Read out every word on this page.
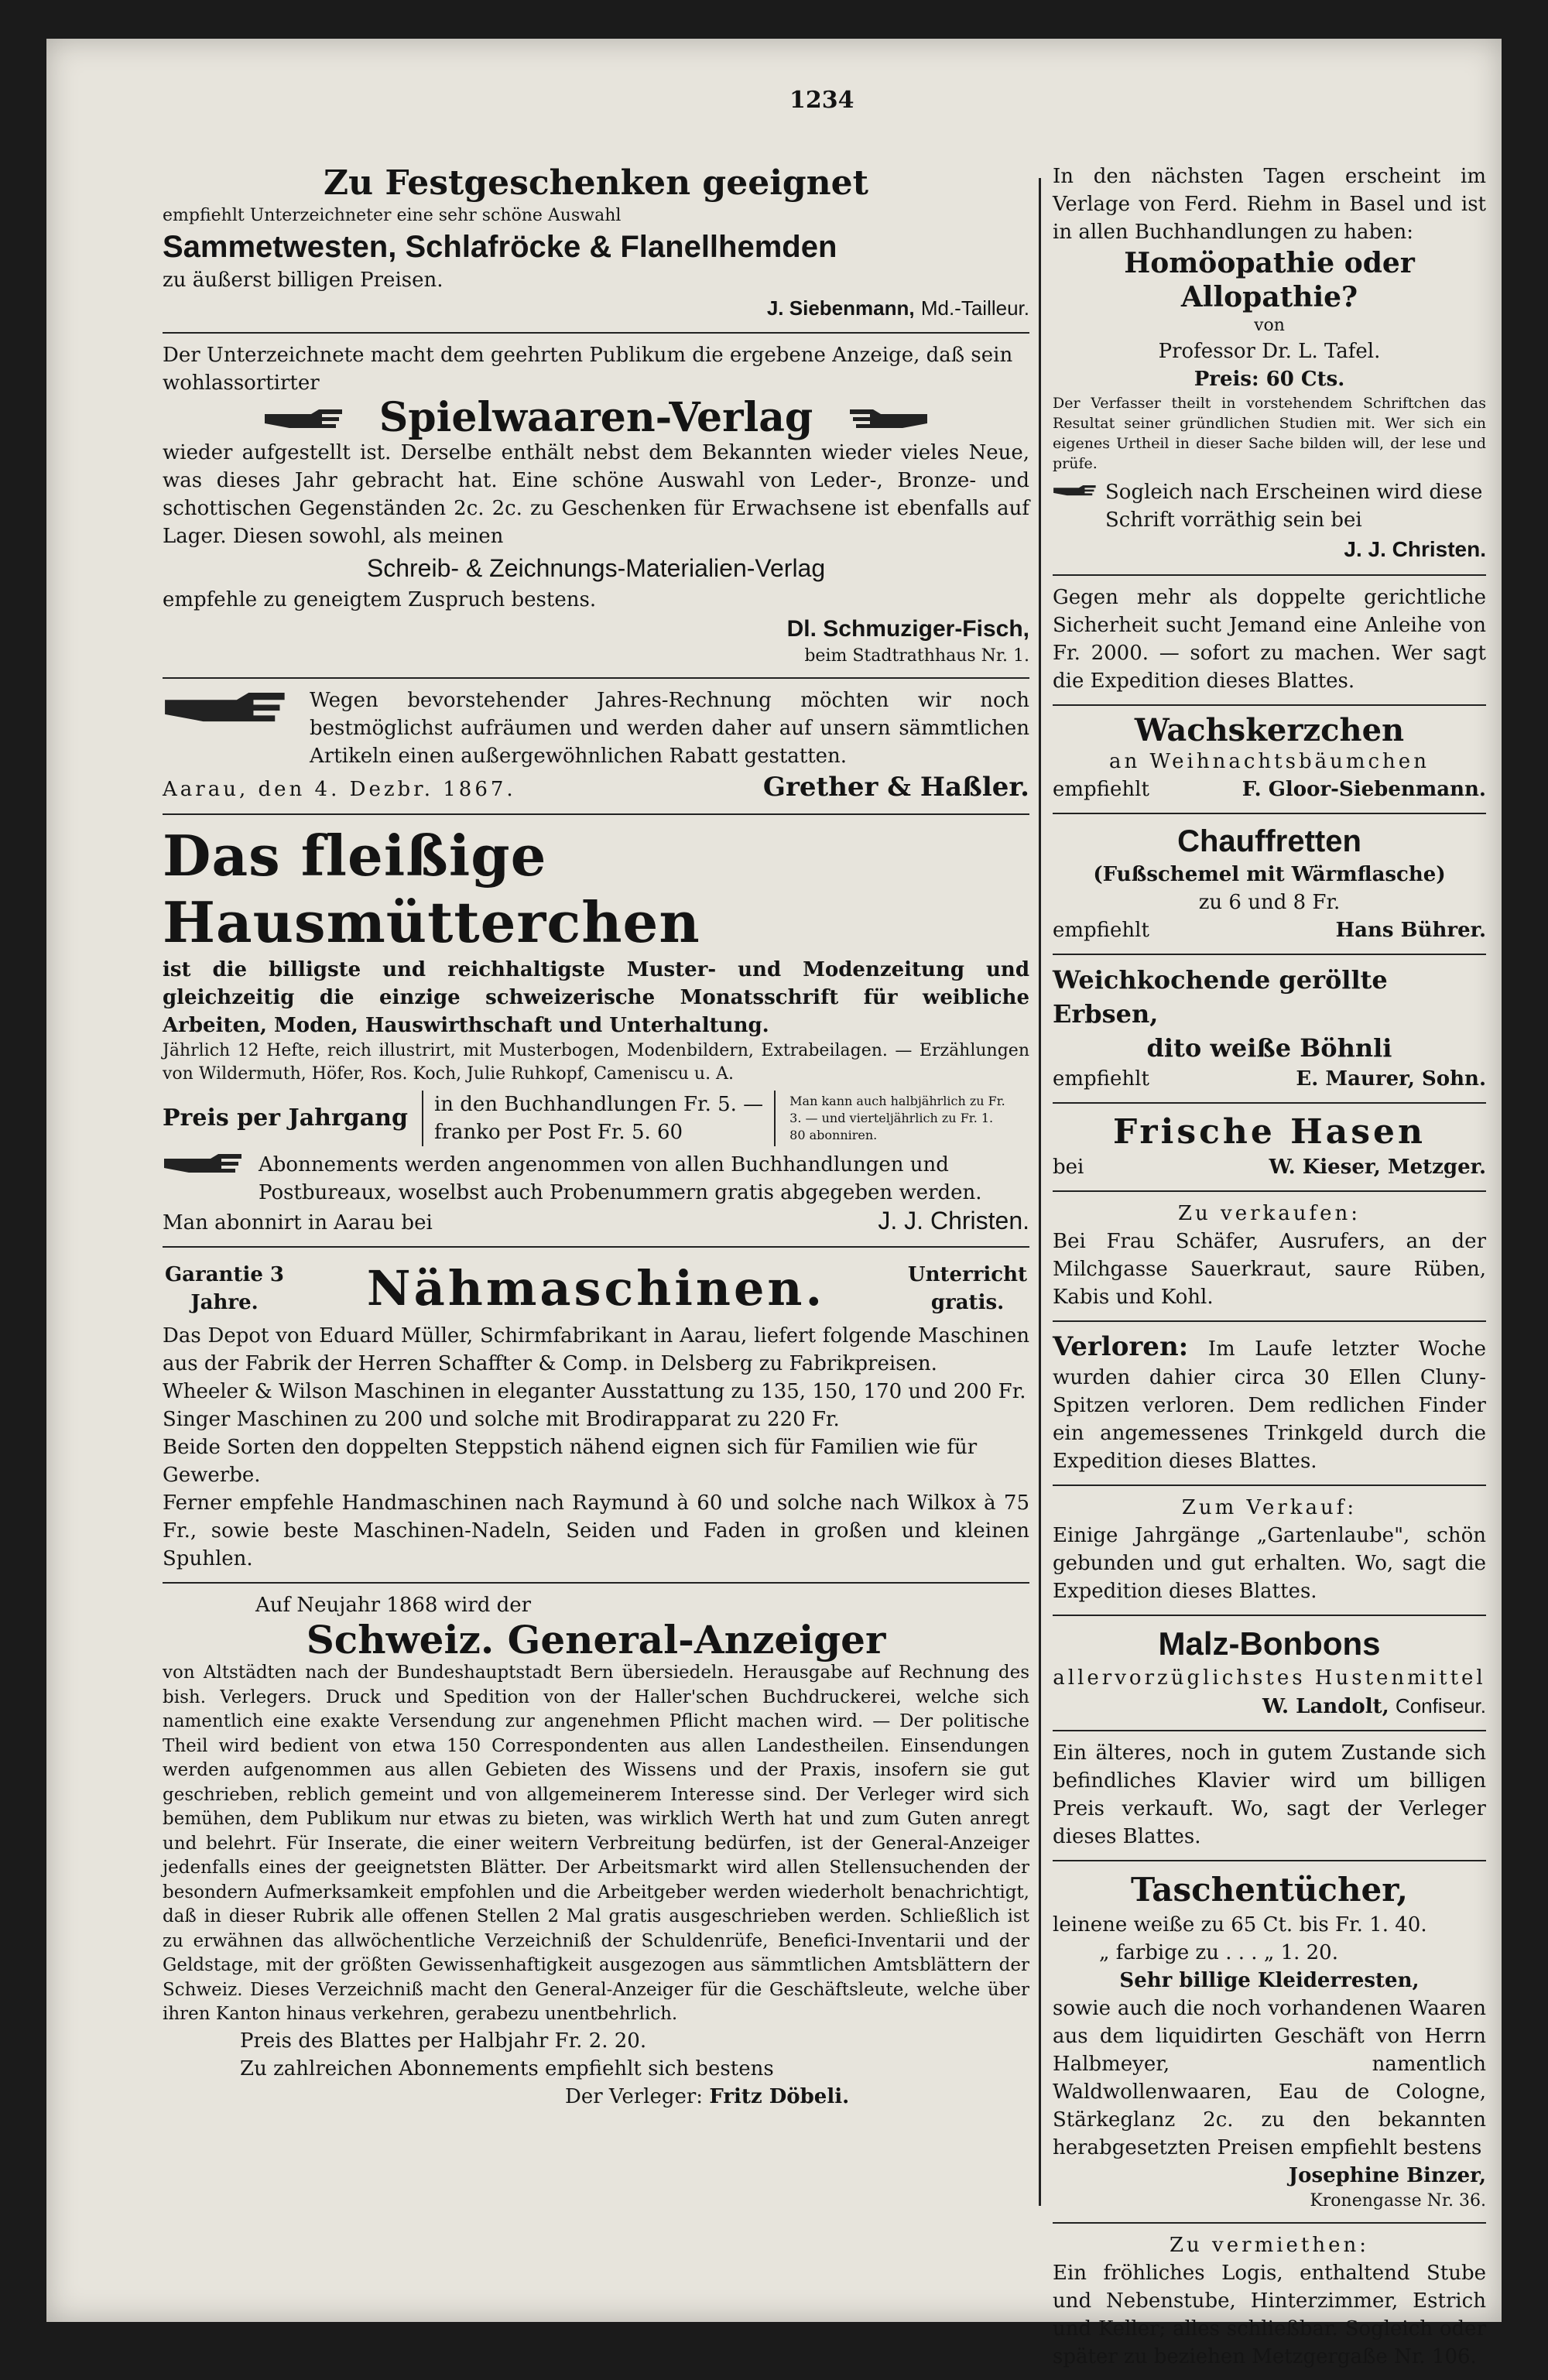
1234

Zu Festgeschenken geeignet

empfiehlt Unterzeichneter eine sehr schöne Auswahl

Sammetwesten, Schlafröcke & Flanellhemden

zu äußerst billigen Preisen.

J. Siebenmann, Md.-Tailleur.

Der Unterzeichnete macht dem geehrten Publikum die ergebene Anzeige, daß sein wohlassortirter

Spielwaaren-Verlag

wieder aufgestellt ist. Derselbe enthält nebst dem Bekannten wieder vieles Neue, was dieses Jahr gebracht hat. Eine schöne Auswahl von Leder-, Bronze- und schottischen Gegenständen 2c. 2c. zu Geschenken für Erwachsene ist ebenfalls auf Lager. Diesen sowohl, als meinen

Schreib- & Zeichnungs-Materialien-Verlag

empfehle zu geneigtem Zuspruch bestens.

Dl. Schmuziger-Fisch,

beim Stadtrathhaus Nr. 1.

Wegen bevorstehender Jahres-Rechnung möchten wir noch bestmöglichst aufräumen und werden daher auf unsern sämmtlichen Artikeln einen außergewöhnlichen Rabatt gestatten.

Aarau, den 4. Dezbr. 1867.	Grether & Haßler.

Das fleißige Hausmütterchen

ist die billigste und reichhaltigste Muster- und Modenzeitung und gleichzeitig die einzige schweizerische Monatsschrift für weibliche Arbeiten, Moden, Hauswirthschaft und Unterhaltung.

Jährlich 12 Hefte, reich illustrirt, mit Musterbogen, Modenbildern, Extrabeilagen. — Erzählungen von Wildermuth, Höfer, Ros. Koch, Julie Ruhkopf, Cameniscu u. A.

Preis per Jahrgang in den Buchhandlungen Fr. 5. —

franko per Post Fr. 5. 60

Man kann auch halbjährlich zu Fr. 3. — und vierteljährlich zu Fr. 1. 80 abonniren.

Abonnements werden angenommen von allen Buchhandlungen und Postbureaux, woselbst auch Probenummern gratis abgegeben werden.

Man abonnirt in Aarau bei	J. J. Christen.
Garantie 3 Jahre.	Nähmaschinen.	Unterricht gratis.

Das Depot von Eduard Müller, Schirmfabrikant in Aarau, liefert folgende Maschinen aus der Fabrik der Herren Schaffter & Comp. in Delsberg zu Fabrikpreisen.

Wheeler & Wilson Maschinen in eleganter Ausstattung zu 135, 150, 170 und 200 Fr.

Singer Maschinen zu 200 und solche mit Brodirapparat zu 220 Fr.

Beide Sorten den doppelten Steppstich nähend eignen sich für Familien wie für Gewerbe.

Ferner empfehle Handmaschinen nach Raymund à 60 und solche nach Wilkox à 75 Fr., sowie beste Maschinen-Nadeln, Seiden und Faden in großen und kleinen Spuhlen.

Auf Neujahr 1868 wird der

Schweiz. General-Anzeiger

von Altstädten nach der Bundeshauptstadt Bern übersiedeln. Herausgabe auf Rechnung des bish. Verlegers. Druck und Spedition von der Haller'schen Buchdruckerei, welche sich namentlich eine exakte Versendung zur angenehmen Pflicht machen wird. — Der politische Theil wird bedient von etwa 150 Correspondenten aus allen Landestheilen. Einsendungen werden aufgenommen aus allen Gebieten des Wissens und der Praxis, insofern sie gut geschrieben, reblich gemeint und von allgemeinerem Interesse sind. Der Verleger wird sich bemühen, dem Publikum nur etwas zu bieten, was wirklich Werth hat und zum Guten anregt und belehrt. Für Inserate, die einer weitern Verbreitung bedürfen, ist der General-Anzeiger jedenfalls eines der geeignetsten Blätter. Der Arbeitsmarkt wird allen Stellensuchenden der besondern Aufmerksamkeit empfohlen und die Arbeitgeber werden wiederholt benachrichtigt, daß in dieser Rubrik alle offenen Stellen 2 Mal gratis ausgeschrieben werden. Schließlich ist zu erwähnen das allwöchentliche Verzeichniß der Schuldenrüfe, Benefici-Inventarii und der Geldstage, mit der größten Gewissenhaftigkeit ausgezogen aus sämmtlichen Amtsblättern der Schweiz. Dieses Verzeichniß macht den General-Anzeiger für die Geschäftsleute, welche über ihren Kanton hinaus verkehren, gerabezu unentbehrlich.

Preis des Blattes per Halbjahr Fr. 2. 20.

Zu zahlreichen Abonnements empfiehlt sich bestens

Der Verleger: Fritz Döbeli.

In den nächsten Tagen erscheint im Verlage von Ferd. Riehm in Basel und ist in allen Buchhandlungen zu haben:

Homöopathie oder Allopathie?

von

Professor Dr. L. Tafel.

Preis: 60 Cts.

Der Verfasser theilt in vorstehendem Schriftchen das Resultat seiner gründlichen Studien mit. Wer sich ein eigenes Urtheil in dieser Sache bilden will, der lese und prüfe.

Sogleich nach Erscheinen wird diese Schrift vorräthig sein bei

J. J. Christen.

Gegen mehr als doppelte gerichtliche Sicherheit sucht Jemand eine Anleihe von Fr. 2000. — sofort zu machen. Wer sagt die Expedition dieses Blattes.

Wachskerzchen

an Weihnachtsbäumchen

empfiehlt	F. Gloor-Siebenmann.

Chauffretten

(Fußschemel mit Wärmflasche)

zu 6 und 8 Fr.

empfiehlt	Hans Bührer.

Weichkochende geröllte Erbsen,

dito weiße Böhnli

empfiehlt	E. Maurer, Sohn.

Frische Hasen

bei	W. Kieser, Metzger.

Zu verkaufen:

Bei Frau Schäfer, Ausrufers, an der Milchgasse Sauerkraut, saure Rüben, Kabis und Kohl.

Verloren: Im Laufe letzter Woche wurden dahier circa 30 Ellen Cluny-Spitzen verloren. Dem redlichen Finder ein angemessenes Trinkgeld durch die Expedition dieses Blattes.

Zum Verkauf:

Einige Jahrgänge „Gartenlaube", schön gebunden und gut erhalten. Wo, sagt die Expedition dieses Blattes.

Malz-Bonbons

allervorzüglichstes Hustenmittel

W. Landolt, Confiseur.

Ein älteres, noch in gutem Zustande sich befindliches Klavier wird um billigen Preis verkauft. Wo, sagt der Verleger dieses Blattes.

Taschentücher,

leinene weiße zu 65 Ct. bis Fr. 1. 40.

„ farbige zu . . . „ 1. 20.

Sehr billige Kleiderresten,

sowie auch die noch vorhandenen Waaren aus dem liquidirten Geschäft von Herrn Halbmeyer, namentlich Waldwollenwaaren, Eau de Cologne, Stärkeglanz 2c. zu den bekannten herabgesetzten Preisen empfiehlt bestens

Josephine Binzer,

Kronengasse Nr. 36.

Zu vermiethen:

Ein fröhliches Logis, enthaltend Stube und Nebenstube, Hinterzimmer, Estrich und Keller; alles schließbar. Sogleich oder später zu beziehen Metzgergaße Nr. 106.
